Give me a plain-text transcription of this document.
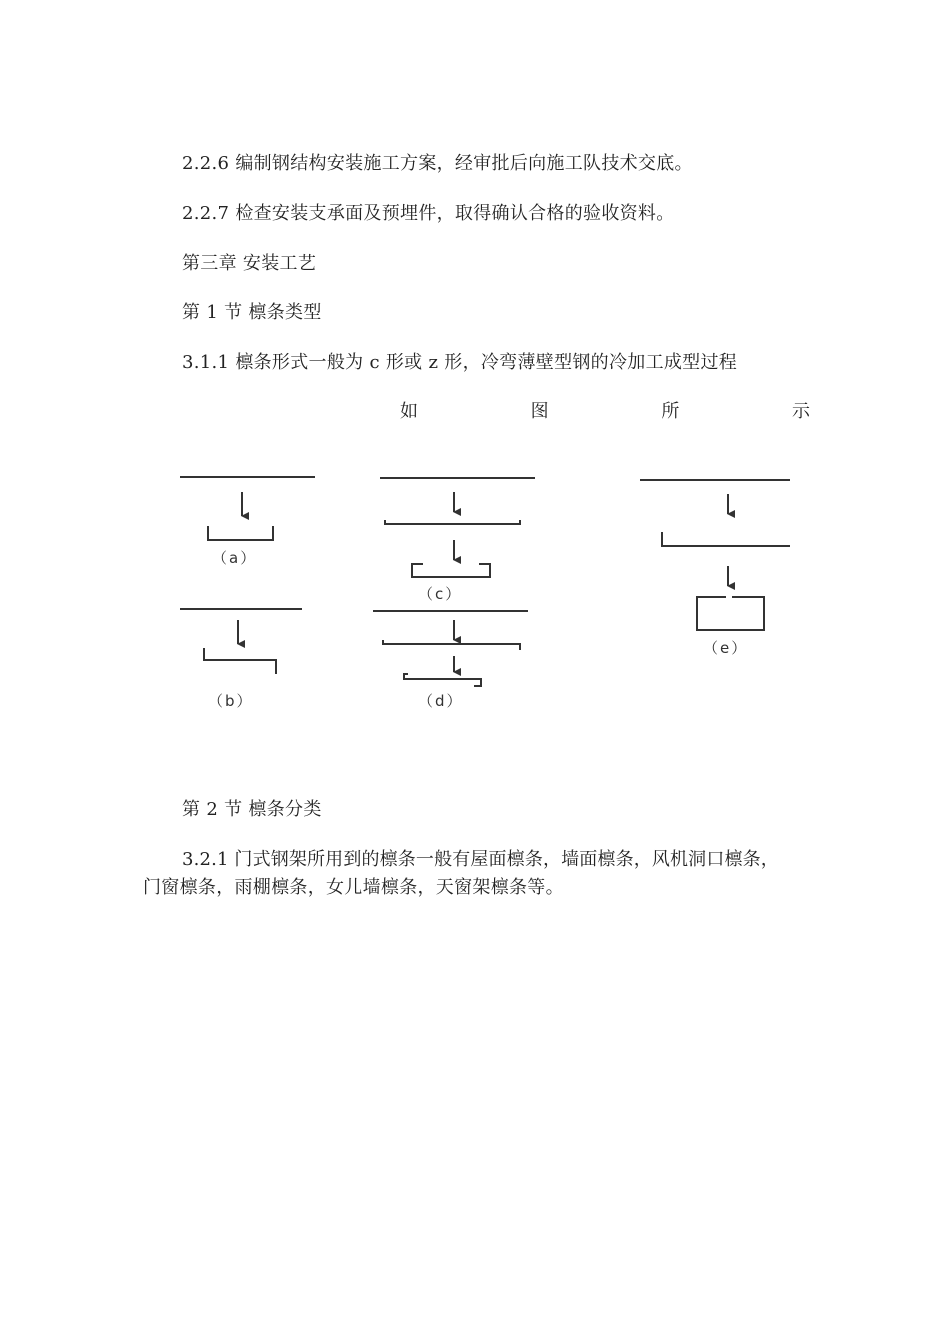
2.2.6 编制钢结构安装施工方案，经审批后向施工队技术交底。
2.2.7 检查安装支承面及预埋件，取得确认合格的验收资料。
第三章 安装工艺
第 1 节 檩条类型
3.1.1 檩条形式一般为 c 形或 z 形，冷弯薄壁型钢的冷加工成型过程
如	图	所	示
（a）
（b）
（c）
（d）
（e）
第 2 节 檩条分类
3.2.1 门式钢架所用到的檩条一般有屋面檩条，墙面檩条，风机洞口檩条，
门窗檩条，雨棚檩条，女儿墙檩条，天窗架檩条等。
